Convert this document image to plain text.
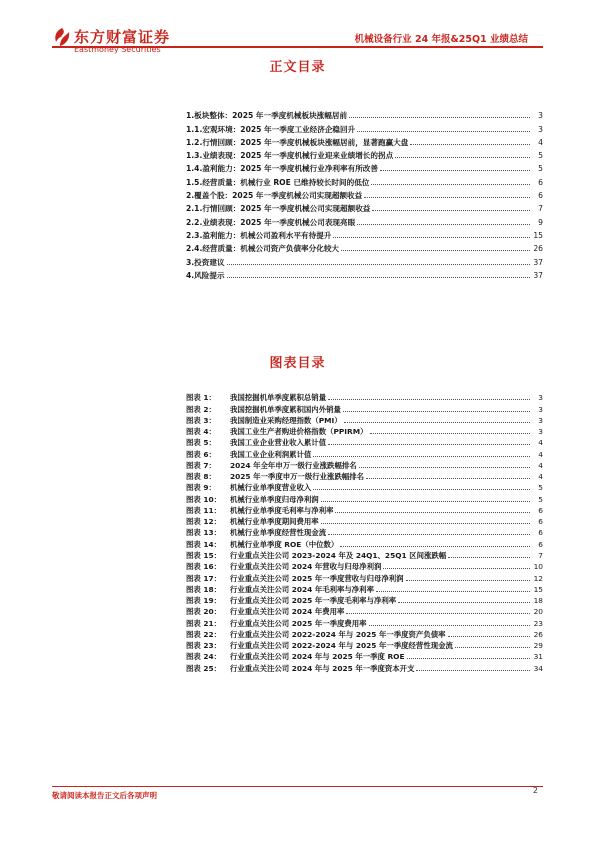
东方财富证券
Eastmoney Securities
机械设备行业 24 年报&25Q1 业绩总结
正文目录
1.板块整体：2025 年一季度机械板块涨幅居前	3
1.1.宏观环境：2025 年一季度工业经济企稳回升	3
1.2.行情回顾：2025 年一季度机械板块涨幅居前，显著跑赢大盘	4
1.3.业绩表现：2025 年一季度机械行业迎来业绩增长的拐点	5
1.4.盈利能力：2025 年一季度机械行业净利率有所改善	5
1.5.经营质量：机械行业 ROE 已维持较长时间的低位	6
2.覆盖个股：2025 年一季度机械公司实现超额收益	6
2.1.行情回顾：2025 年一季度机械公司实现超额收益	7
2.2.业绩表现：2025 年一季度机械公司表现亮眼	9
2.3.盈利能力：机械公司盈利水平有待提升	15
2.4.经营质量：机械公司资产负债率分化较大	26
3.投资建议	37
4.风险提示	37
图表目录
图表 1：	我国挖掘机单季度累积总销量	3
图表 2：	我国挖掘机单季度累积国内外销量	3
图表 3：	我国制造业采购经理指数（PMI）	3
图表 4：	我国工业生产者购进价格指数（PPIRM）	3
图表 5：	我国工业企业营业收入累计值	4
图表 6：	我国工业企业利润累计值	4
图表 7：	2024 年全年申万一级行业涨跌幅排名	4
图表 8：	2025 年一季度申万一级行业涨跌幅排名	4
图表 9：	机械行业单季度营业收入	5
图表 10：	机械行业单季度归母净利润	5
图表 11：	机械行业单季度毛利率与净利率	6
图表 12：	机械行业单季度期间费用率	6
图表 13：	机械行业单季度经营性现金流	6
图表 14：	机械行业单季度 ROE（中位数）	6
图表 15：	行业重点关注公司 2023-2024 年及 24Q1、25Q1 区间涨跌幅	7
图表 16：	行业重点关注公司 2024 年营收与归母净利润	10
图表 17：	行业重点关注公司 2025 年一季度营收与归母净利润	12
图表 18：	行业重点关注公司 2024 年毛利率与净利率	15
图表 19：	行业重点关注公司 2025 年一季度毛利率与净利率	18
图表 20：	行业重点关注公司 2024 年费用率	20
图表 21：	行业重点关注公司 2025 年一季度费用率	23
图表 22：	行业重点关注公司 2022-2024 年与 2025 年一季度资产负债率	26
图表 23：	行业重点关注公司 2022-2024 年与 2025 年一季度经营性现金流	29
图表 24：	行业重点关注公司 2024 年与 2025 年一季度 ROE	31
图表 25：	行业重点关注公司 2024 年与 2025 年一季度资本开支	34
敬请阅读本报告正文后各项声明
2
